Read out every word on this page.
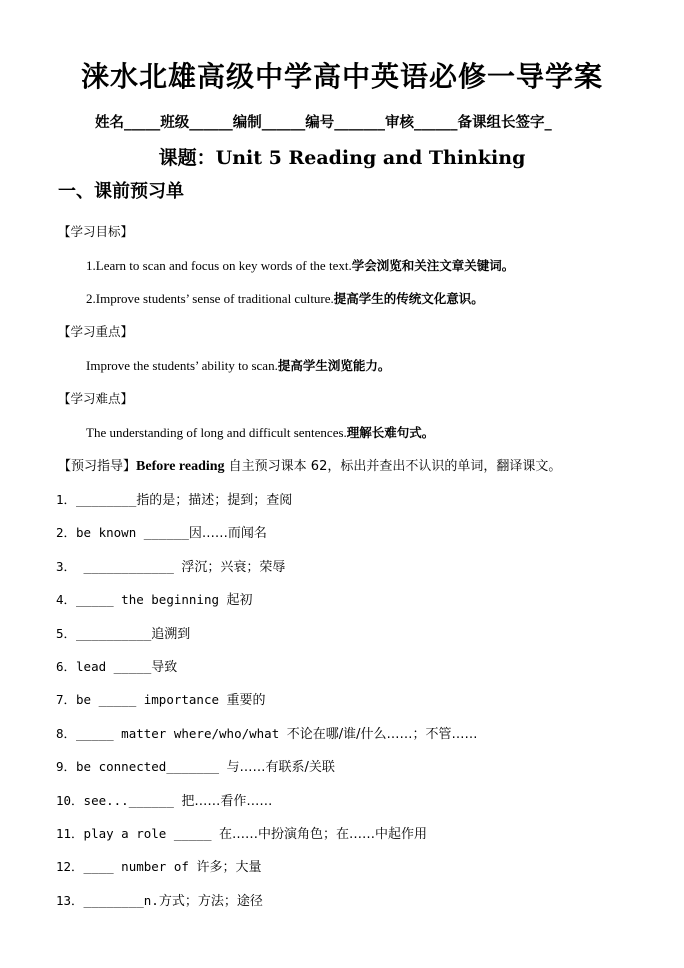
涞水北雄高级中学高中英语必修一导学案
姓名_____班级______编制______编号_______审核______备课组长签字_
课题：Unit 5 Reading and Thinking
一、课前预习单
【学习目标】
1.Learn to scan and focus on key words of the text.学会浏览和关注文章关键词。
2.Improve students’ sense of traditional culture.提高学生的传统文化意识。
【学习重点】
Improve the students’ ability to scan.提高学生浏览能力。
【学习难点】
The understanding of long and difficult sentences.理解长难句式。
【预习指导】Before reading 自主预习课本 62，标出并查出不认识的单词，翻译课文。
1．________指的是；描述；提到；查阅
2．be known ______因……而闻名
3． ____________ 浮沉；兴衰；荣辱
4．_____ the beginning 起初
5．__________追溯到
6．lead _____导致
7．be _____ importance 重要的
8．_____ matter where/who/what 不论在哪/谁/什么……；不管……
9．be connected_______ 与……有联系/关联
10．see...______ 把……看作……
11．play a role _____ 在……中扮演角色；在……中起作用
12．____ number of 许多；大量
13．________n.方式；方法；途径
